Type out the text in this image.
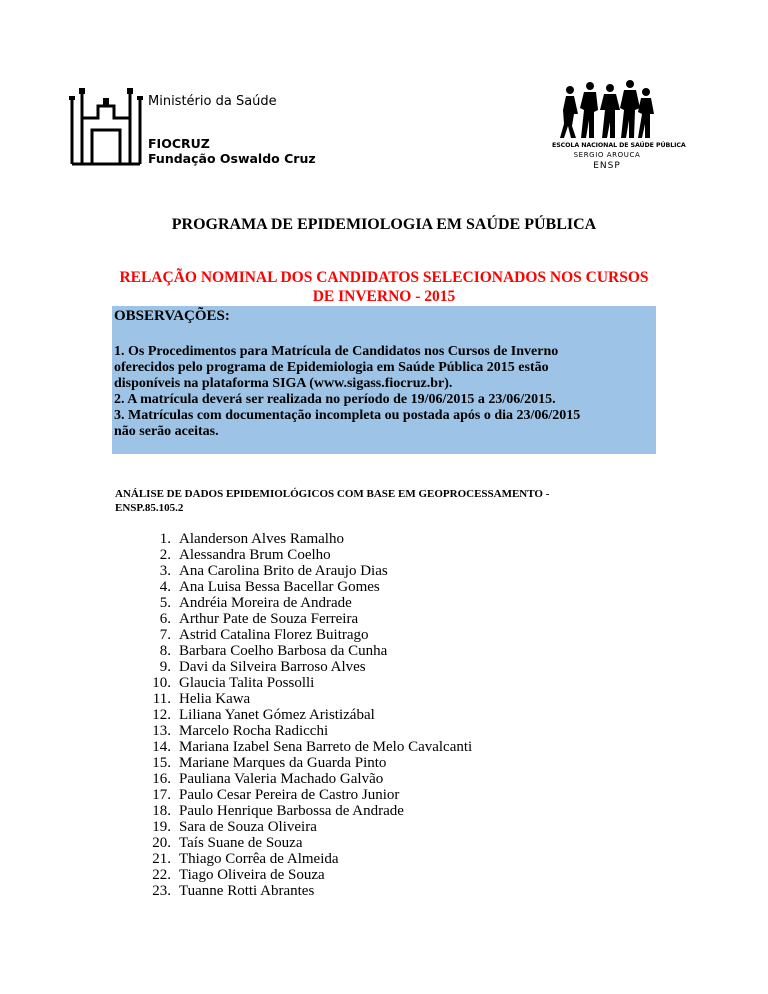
Ministério da Saúde
FIOCRUZ
Fundação Oswaldo Cruz
ESCOLA NACIONAL DE SAÚDE PÚBLICA
SERGIO AROUCA
ENSP
PROGRAMA DE EPIDEMIOLOGIA EM SAÚDE PÚBLICA
RELAÇÃO NOMINAL DOS CANDIDATOS SELECIONADOS NOS CURSOS
DE INVERNO - 2015
OBSERVAÇÕES:
1. Os Procedimentos para Matrícula de Candidatos nos Cursos de Inverno
oferecidos pelo programa de Epidemiologia em Saúde Pública 2015 estão
disponíveis na plataforma SIGA (www.sigass.fiocruz.br).
2. A matrícula deverá ser realizada no período de 19/06/2015 a 23/06/2015.
3. Matrículas com documentação incompleta ou postada após o dia 23/06/2015
não serão aceitas.
ANÁLISE DE DADOS EPIDEMIOLÓGICOS COM BASE EM GEOPROCESSAMENTO -
ENSP.85.105.2
1. Alanderson Alves Ramalho
2. Alessandra Brum Coelho
3. Ana Carolina Brito de Araujo Dias
4. Ana Luisa Bessa Bacellar Gomes
5. Andréia Moreira de Andrade
6. Arthur Pate de Souza Ferreira
7. Astrid Catalina Florez Buitrago
8. Barbara Coelho Barbosa da Cunha
9. Davi da Silveira Barroso Alves
10. Glaucia Talita Possolli
11. Helia Kawa
12. Liliana Yanet Gómez Aristizábal
13. Marcelo Rocha Radicchi
14. Mariana Izabel Sena Barreto de Melo Cavalcanti
15. Mariane Marques da Guarda Pinto
16. Pauliana Valeria Machado Galvão
17. Paulo Cesar Pereira de Castro Junior
18. Paulo Henrique Barbossa de Andrade
19. Sara de Souza Oliveira
20. Taís Suane de Souza
21. Thiago Corrêa de Almeida
22. Tiago Oliveira de Souza
23. Tuanne Rotti Abrantes
